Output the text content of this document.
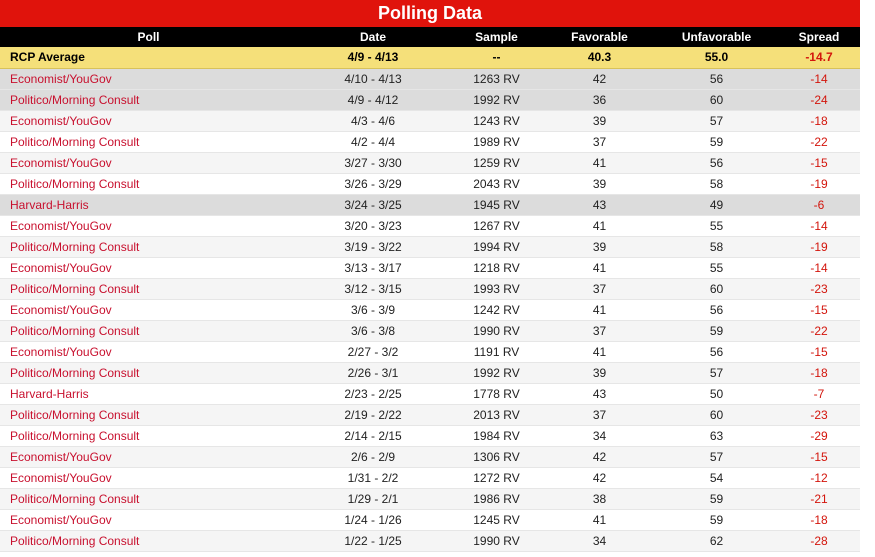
Polling Data
Poll	Date	Sample	Favorable	Unfavorable	Spread
RCP Average	4/9 - 4/13	--	40.3	55.0	-14.7
Economist/YouGov	4/10 - 4/13	1263 RV	42	56	-14
Politico/Morning Consult	4/9 - 4/12	1992 RV	36	60	-24
Economist/YouGov	4/3 - 4/6	1243 RV	39	57	-18
Politico/Morning Consult	4/2 - 4/4	1989 RV	37	59	-22
Economist/YouGov	3/27 - 3/30	1259 RV	41	56	-15
Politico/Morning Consult	3/26 - 3/29	2043 RV	39	58	-19
Harvard-Harris	3/24 - 3/25	1945 RV	43	49	-6
Economist/YouGov	3/20 - 3/23	1267 RV	41	55	-14
Politico/Morning Consult	3/19 - 3/22	1994 RV	39	58	-19
Economist/YouGov	3/13 - 3/17	1218 RV	41	55	-14
Politico/Morning Consult	3/12 - 3/15	1993 RV	37	60	-23
Economist/YouGov	3/6 - 3/9	1242 RV	41	56	-15
Politico/Morning Consult	3/6 - 3/8	1990 RV	37	59	-22
Economist/YouGov	2/27 - 3/2	1191 RV	41	56	-15
Politico/Morning Consult	2/26 - 3/1	1992 RV	39	57	-18
Harvard-Harris	2/23 - 2/25	1778 RV	43	50	-7
Politico/Morning Consult	2/19 - 2/22	2013 RV	37	60	-23
Politico/Morning Consult	2/14 - 2/15	1984 RV	34	63	-29
Economist/YouGov	2/6 - 2/9	1306 RV	42	57	-15
Economist/YouGov	1/31 - 2/2	1272 RV	42	54	-12
Politico/Morning Consult	1/29 - 2/1	1986 RV	38	59	-21
Economist/YouGov	1/24 - 1/26	1245 RV	41	59	-18
Politico/Morning Consult	1/22 - 1/25	1990 RV	34	62	-28
